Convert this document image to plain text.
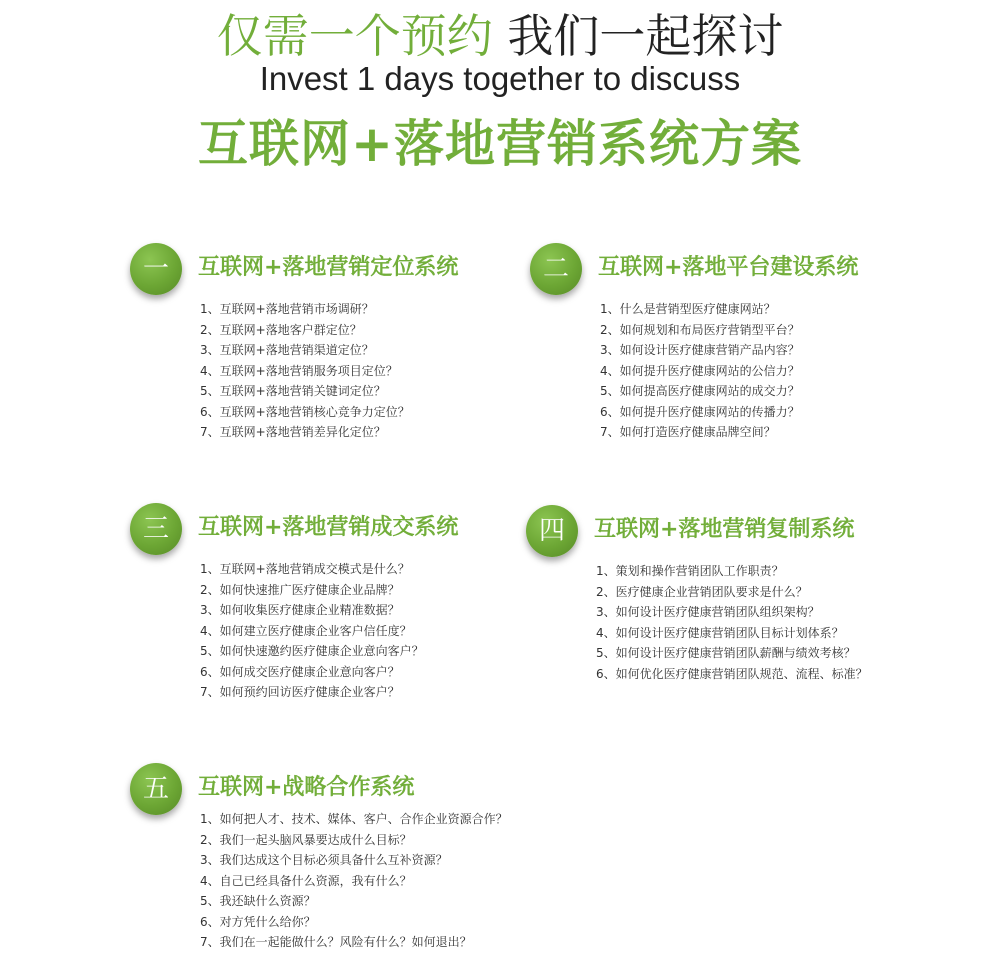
仅需一个预约 我们一起探讨
Invest 1 days together to discuss
互联网+落地营销系统方案
一	互联网+落地营销定位系统
1、互联网+落地营销市场调研？
2、互联网+落地客户群定位？
3、互联网+落地营销渠道定位？
4、互联网+落地营销服务项目定位？
5、互联网+落地营销关键词定位？
6、互联网+落地营销核心竞争力定位？
7、互联网+落地营销差异化定位？
二	互联网+落地平台建设系统
1、什么是营销型医疗健康网站？
2、如何规划和布局医疗营销型平台？
3、如何设计医疗健康营销产品内容？
4、如何提升医疗健康网站的公信力？
5、如何提高医疗健康网站的成交力？
6、如何提升医疗健康网站的传播力？
7、如何打造医疗健康品牌空间？
三	互联网+落地营销成交系统
1、互联网+落地营销成交模式是什么？
2、如何快速推广医疗健康企业品牌？
3、如何收集医疗健康企业精准数据？
4、如何建立医疗健康企业客户信任度？
5、如何快速邀约医疗健康企业意向客户？
6、如何成交医疗健康企业意向客户？
7、如何预约回访医疗健康企业客户？
四	互联网+落地营销复制系统
1、策划和操作营销团队工作职责？
2、医疗健康企业营销团队要求是什么？
3、如何设计医疗健康营销团队组织架构？
4、如何设计医疗健康营销团队目标计划体系？
5、如何设计医疗健康营销团队薪酬与绩效考核？
6、如何优化医疗健康营销团队规范、流程、标准？
五	互联网+战略合作系统
1、如何把人才、技术、媒体、客户、合作企业资源合作？
2、我们一起头脑风暴要达成什么目标？
3、我们达成这个目标必须具备什么互补资源？
4、自己已经具备什么资源，我有什么？
5、我还缺什么资源？
6、对方凭什么给你？
7、我们在一起能做什么？风险有什么？如何退出？
